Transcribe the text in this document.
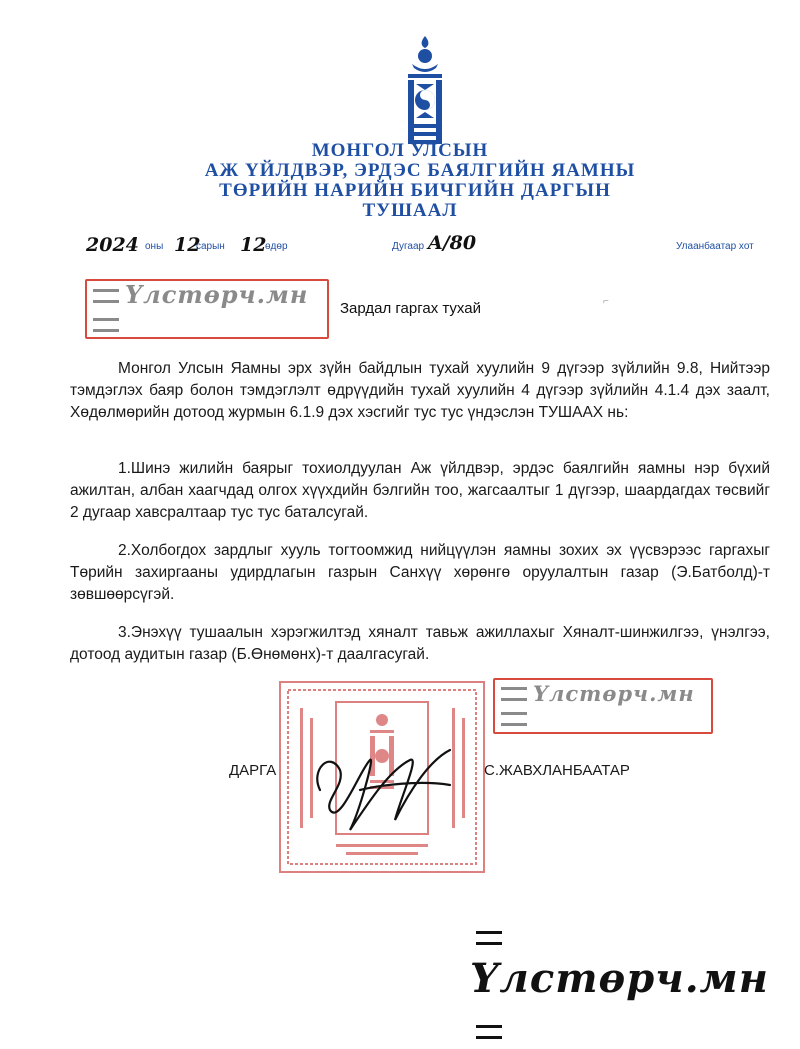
МОНГОЛ УЛСЫН
АЖ ҮЙЛДВЭР, ЭРДЭС БАЯЛГИЙН ЯАМНЫ
ТӨРИЙН НАРИЙН БИЧГИЙН ДАРГЫН
ТУШААЛ
2024 оны 12
сарын 12
өдөр	Дугаар A/80	Улаанбаатар хот
Үлстөрч.мн	Зардал гаргах тухай	⌐

Монгол Улсын Яамны эрх зүйн байдлын тухай хуулийн 9 дүгээр зүйлийн 9.8, Нийтээр тэмдэглэх баяр болон тэмдэглэлт өдрүүдийн тухай хуулийн 4 дүгээр зүйлийн 4.1.4 дэх заалт, Хөдөлмөрийн дотоод журмын 6.1.9 дэх хэсгийг тус тус үндэслэн ТУШААХ нь:

1.Шинэ жилийн баярыг тохиолдуулан Аж үйлдвэр, эрдэс баялгийн яамны нэр бүхий ажилтан, албан хаагчдад олгох хүүхдийн бэлгийн тоо, жагсаалтыг 1 дүгээр, шаардагдах төсвийг 2 дугаар хавсралтаар тус тус баталсугай.

2.Холбогдох зардлыг хууль тогтоомжид нийцүүлэн яамны зохих эх үүсвэрээс гаргахыг Төрийн захиргааны удирдлагын газрын Санхүү хөрөнгө оруулалтын газар (Э.Батболд)-т зөвшөөрсүгэй.

3.Энэхүү тушаалын хэрэгжилтэд хяналт тавьж ажиллахыг Хяналт-шинжилгээ, үнэлгээ, дотоод аудитын газар (Б.Өнөмөнх)-т даалгасугай.

ДАРГА	С.ЖАВХЛАНБААТАР
Үлстөрч.мн
Үлстөрч.мн
